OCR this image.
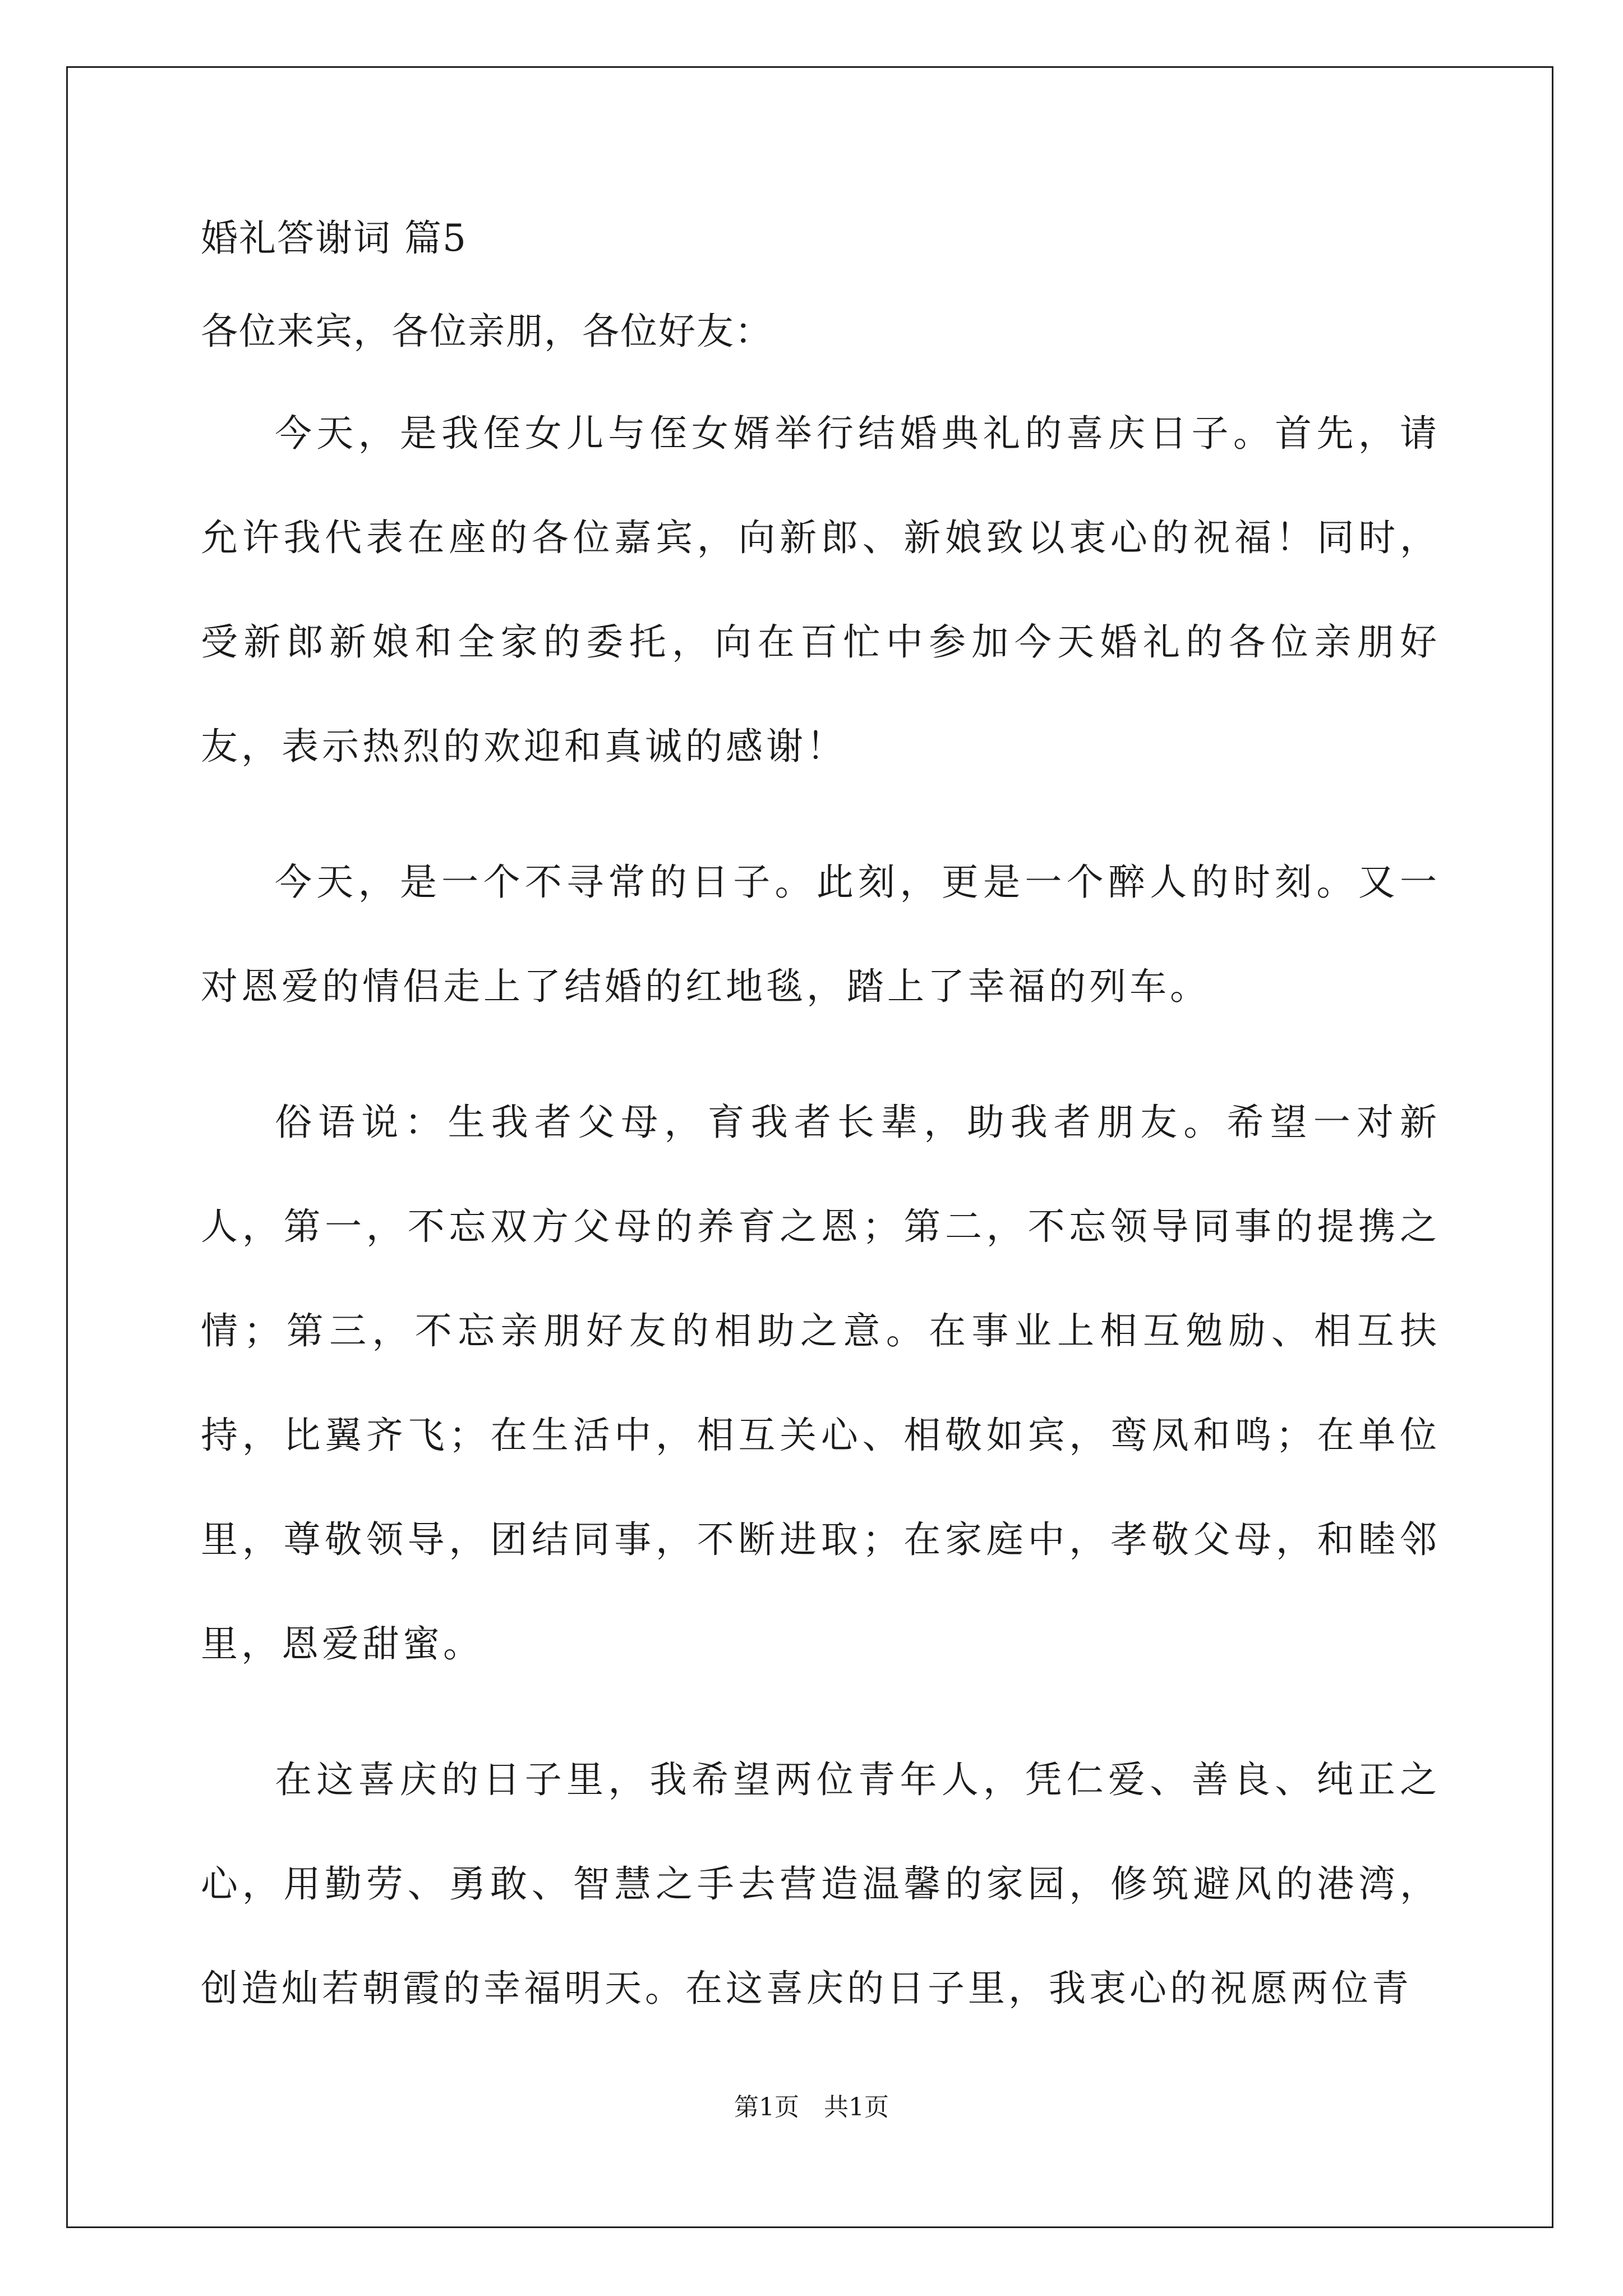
婚礼答谢词 篇5
各位来宾，各位亲朋，各位好友：

今天，是我侄女儿与侄女婿举行结婚典礼的喜庆日子。首先，请允许我代表在座的各位嘉宾，向新郎、新娘致以衷心的祝福！同时，受新郎新娘和全家的委托，向在百忙中参加今天婚礼的各位亲朋好友，表示热烈的欢迎和真诚的感谢！

今天，是一个不寻常的日子。此刻，更是一个醉人的时刻。又一对恩爱的情侣走上了结婚的红地毯，踏上了幸福的列车。

俗语说：生我者父母，育我者长辈，助我者朋友。希望一对新人，第一，不忘双方父母的养育之恩；第二，不忘领导同事的提携之情；第三，不忘亲朋好友的相助之意。在事业上相互勉励、相互扶持，比翼齐飞；在生活中，相互关心、相敬如宾，鸾凤和鸣；在单位里，尊敬领导，团结同事，不断进取；在家庭中，孝敬父母，和睦邻里，恩爱甜蜜。

在这喜庆的日子里，我希望两位青年人，凭仁爱、善良、纯正之心，用勤劳、勇敢、智慧之手去营造温馨的家园，修筑避风的港湾，创造灿若朝霞的幸福明天。在这喜庆的日子里，我衷心的祝愿两位青

第1页　共1页
